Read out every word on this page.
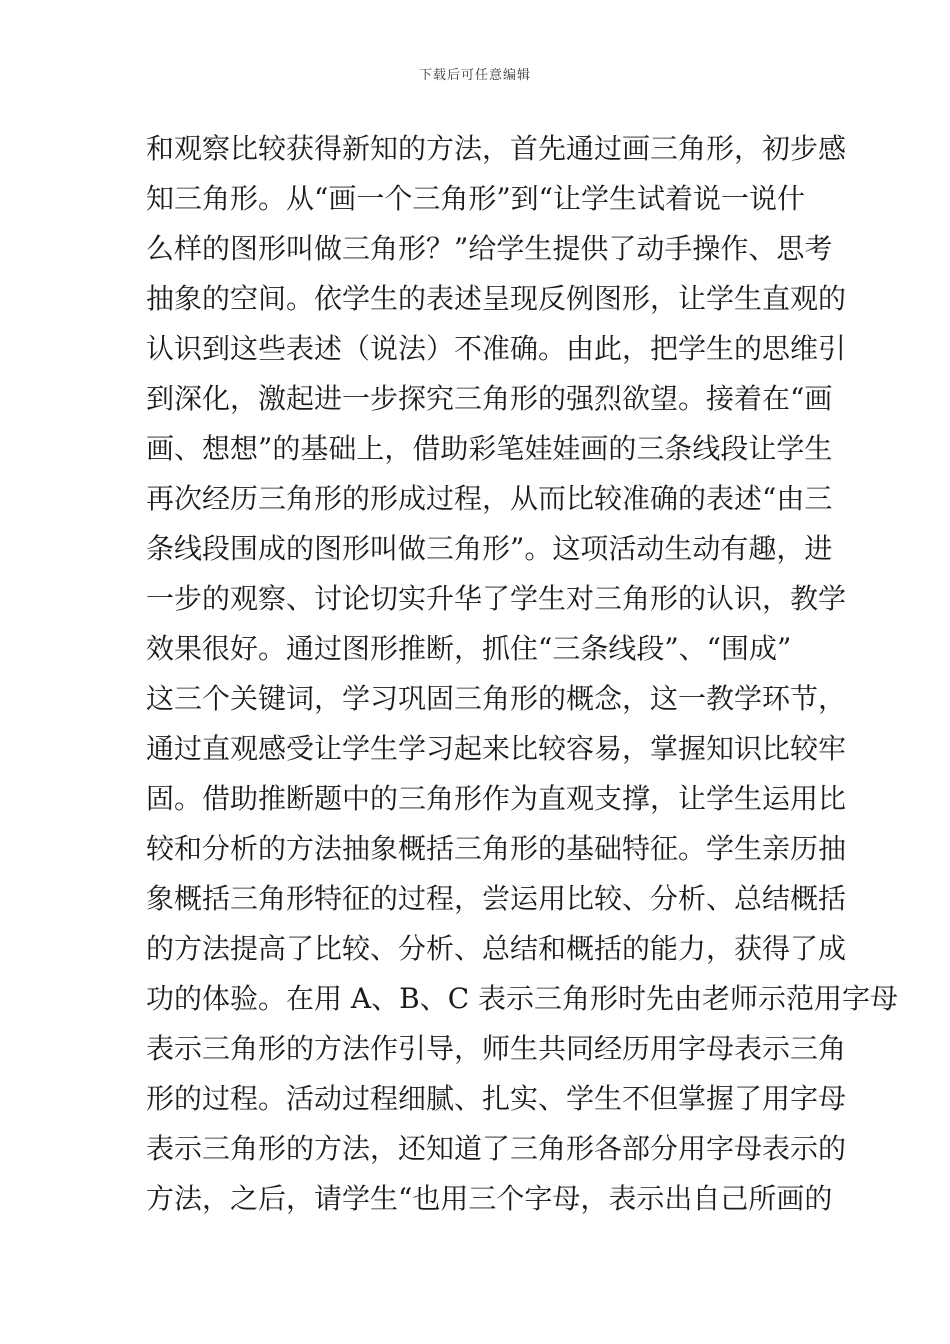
下载后可任意编辑
和观察比较获得新知的方法，首先通过画三角形，初步感
知三角形。从“画一个三角形”到“让学生试着说一说什
么样的图形叫做三角形？”给学生提供了动手操作、思考
抽象的空间。依学生的表述呈现反例图形，让学生直观的
认识到这些表述（说法）不准确。由此，把学生的思维引
到深化，激起进一步探究三角形的强烈欲望。接着在“画
画、想想”的基础上，借助彩笔娃娃画的三条线段让学生
再次经历三角形的形成过程，从而比较准确的表述“由三
条线段围成的图形叫做三角形”。这项活动生动有趣，进
一步的观察、讨论切实升华了学生对三角形的认识，教学
效果很好。通过图形推断，抓住“三条线段”、“围成”
这三个关键词，学习巩固三角形的概念，这一教学环节，
通过直观感受让学生学习起来比较容易，掌握知识比较牢
固。借助推断题中的三角形作为直观支撑，让学生运用比
较和分析的方法抽象概括三角形的基础特征。学生亲历抽
象概括三角形特征的过程，尝运用比较、分析、总结概括
的方法提高了比较、分析、总结和概括的能力，获得了成
功的体验。在用 A、B、C 表示三角形时先由老师示范用字母
表示三角形的方法作引导，师生共同经历用字母表示三角
形的过程。活动过程细腻、扎实、学生不但掌握了用字母
表示三角形的方法，还知道了三角形各部分用字母表示的
方法，之后，请学生“也用三个字母，表示出自己所画的
